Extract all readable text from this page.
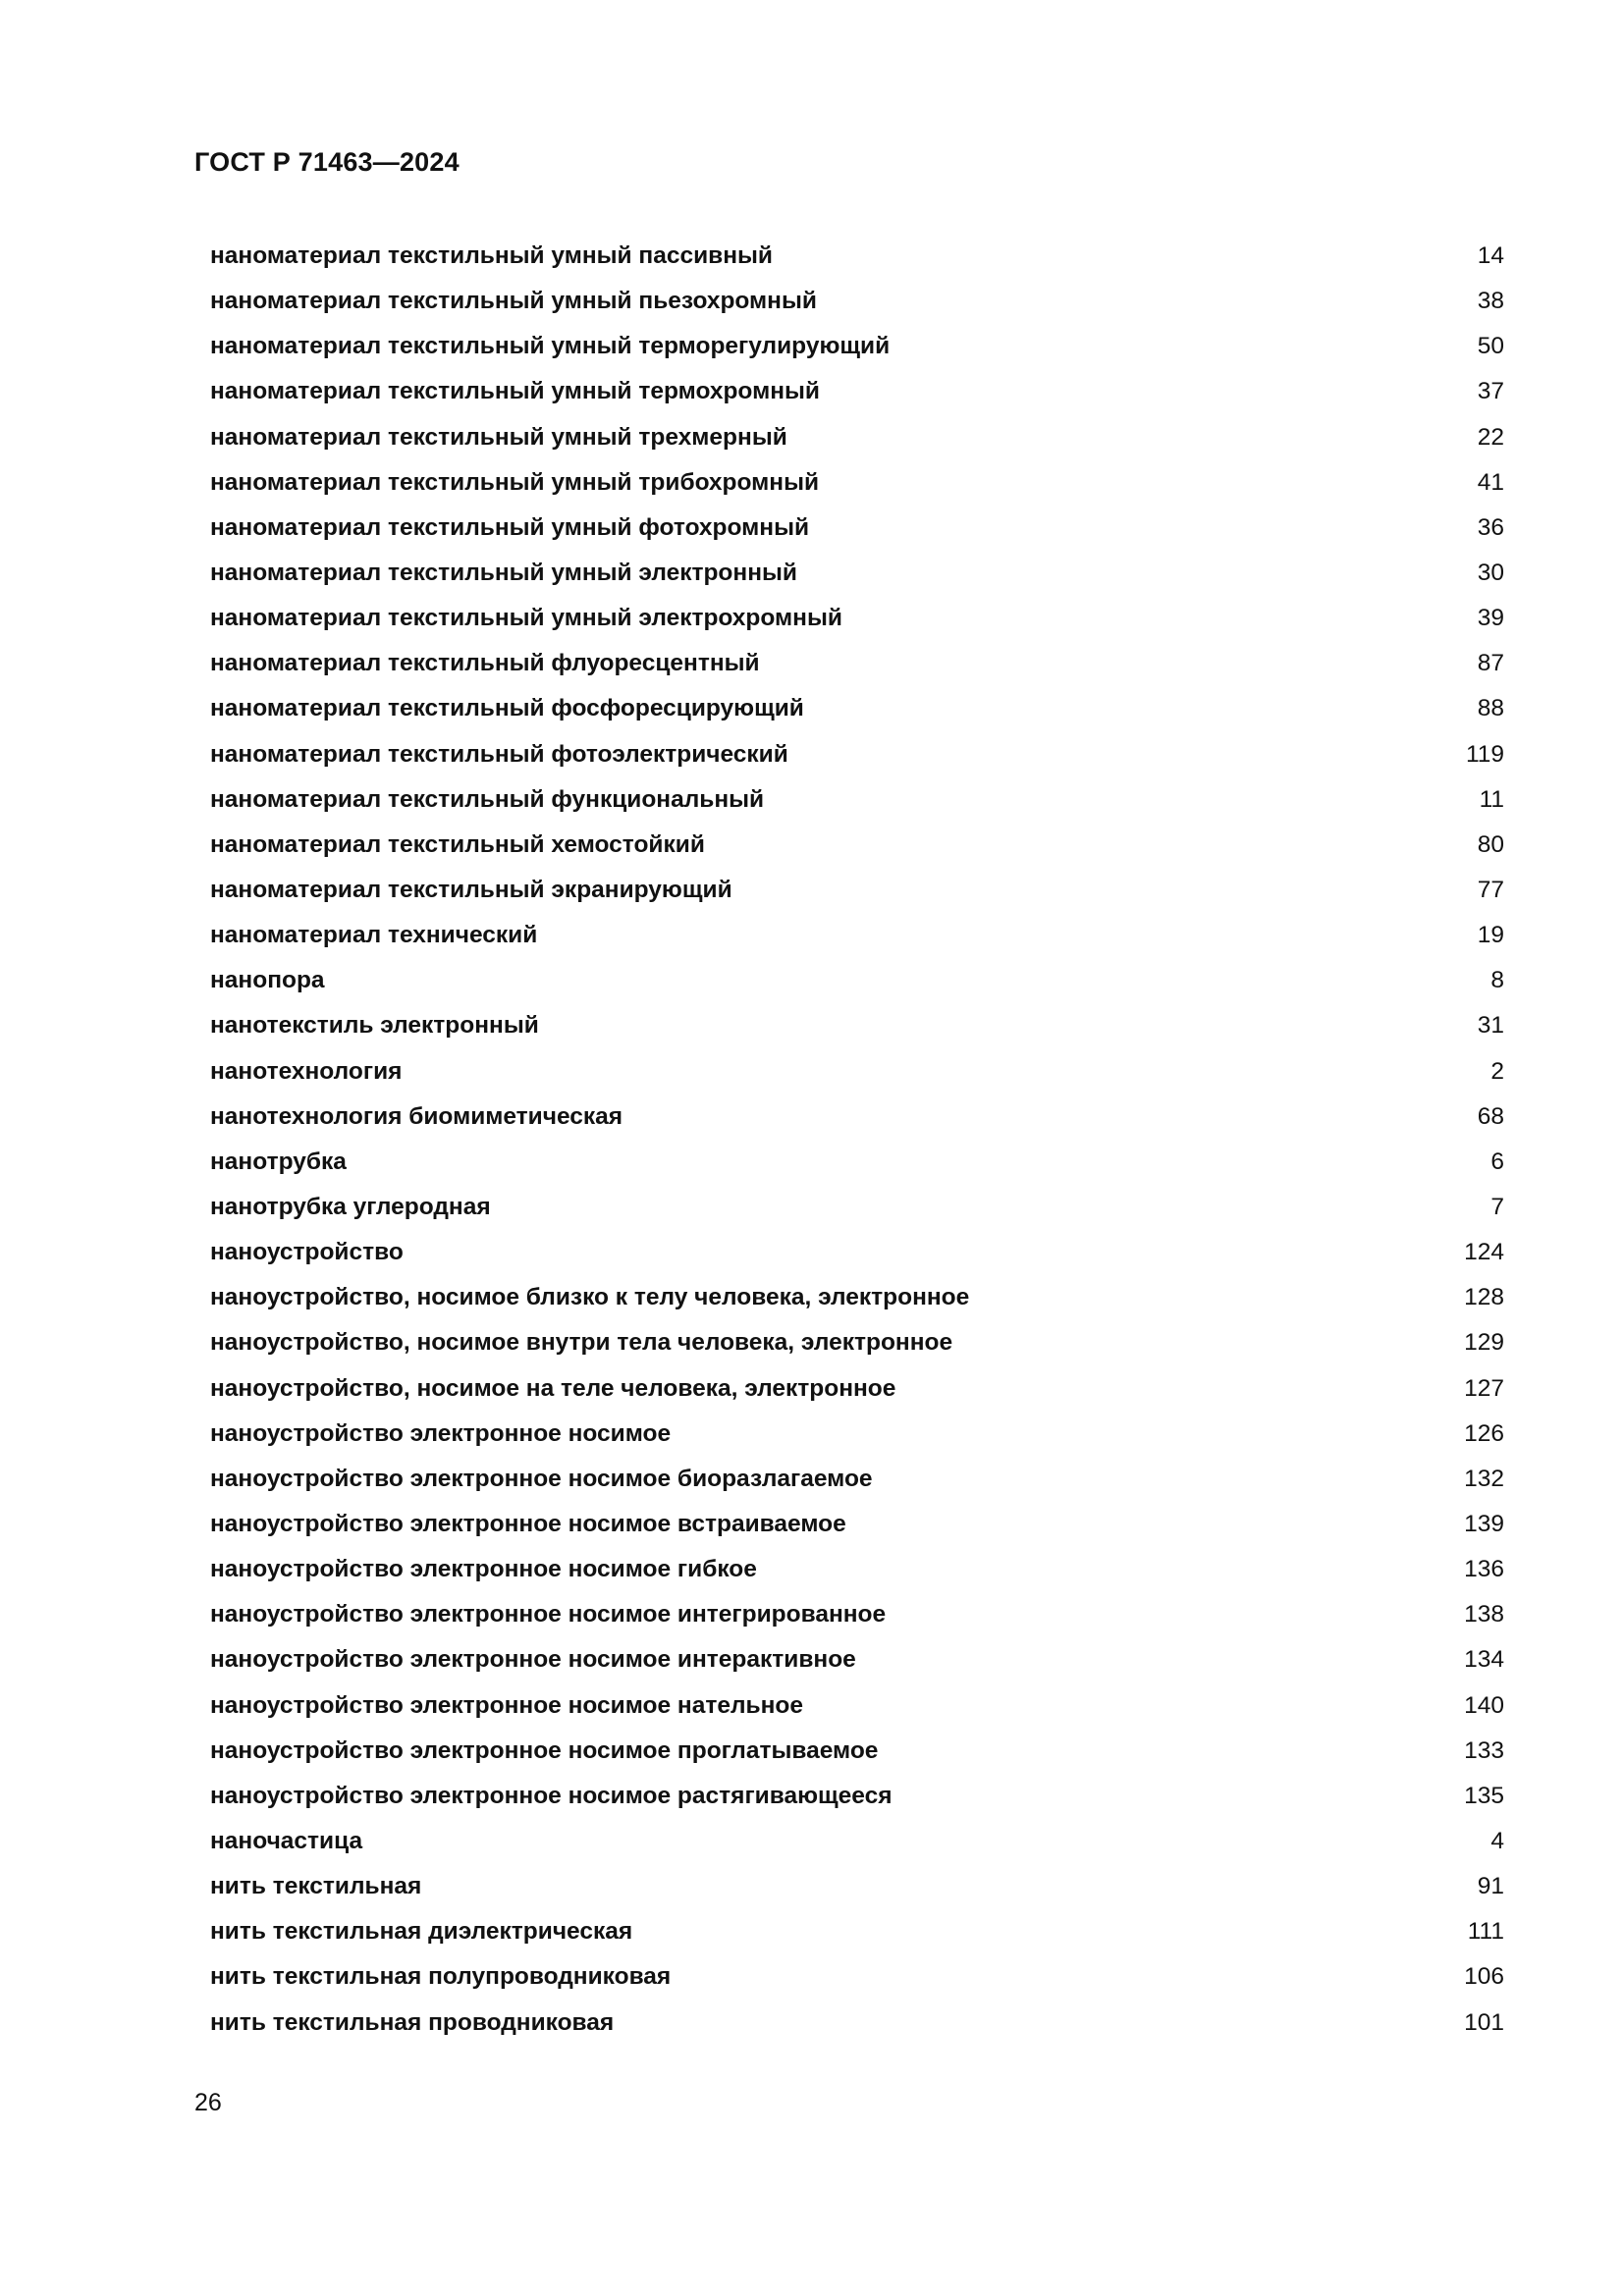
ГОСТ Р 71463—2024
наноматериал текстильный умный пассивный	14
наноматериал текстильный умный пьезохромный	38
наноматериал текстильный умный терморегулирующий	50
наноматериал текстильный умный термохромный	37
наноматериал текстильный умный трехмерный	22
наноматериал текстильный умный трибохромный	41
наноматериал текстильный умный фотохромный	36
наноматериал текстильный умный электронный	30
наноматериал текстильный умный электрохромный	39
наноматериал текстильный флуоресцентный	87
наноматериал текстильный фосфоресцирующий	88
наноматериал текстильный фотоэлектрический	119
наноматериал текстильный функциональный	11
наноматериал текстильный хемостойкий	80
наноматериал текстильный экранирующий	77
наноматериал технический	19
нанопора	8
нанотекстиль электронный	31
нанотехнология	2
нанотехнология биомиметическая	68
нанотрубка	6
нанотрубка углеродная	7
наноустройство	124
наноустройство, носимое близко к телу человека, электронное	128
наноустройство, носимое внутри тела человека, электронное	129
наноустройство, носимое на теле человека, электронное	127
наноустройство электронное носимое	126
наноустройство электронное носимое биоразлагаемое	132
наноустройство электронное носимое встраиваемое	139
наноустройство электронное носимое гибкое	136
наноустройство электронное носимое интегрированное	138
наноустройство электронное носимое интерактивное	134
наноустройство электронное носимое нательное	140
наноустройство электронное носимое проглатываемое	133
наноустройство электронное носимое растягивающееся	135
наночастица	4
нить текстильная	91
нить текстильная диэлектрическая	111
нить текстильная полупроводниковая	106
нить текстильная проводниковая	101
26
